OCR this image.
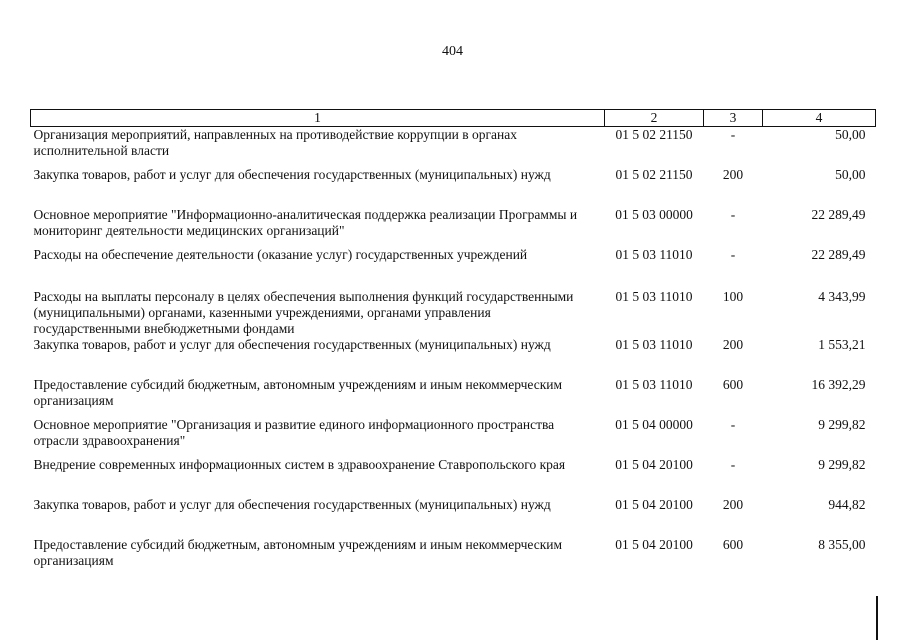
404
1	2	3	4
Организация мероприятий, направленных на противодействие коррупции в органах исполнительной власти	01 5 02 21150	-	50,00
Закупка товаров, работ и услуг для обеспечения государственных (муниципальных) нужд	01 5 02 21150	200	50,00
Основное мероприятие "Информационно-аналитическая поддержка реализации Программы и мониторинг деятельности медицинских организаций"	01 5 03 00000	-	22 289,49
Расходы на обеспечение деятельности (оказание услуг) государственных учреждений	01 5 03 11010	-	22 289,49
Расходы на выплаты персоналу в целях обеспечения выполнения функций государственными (муниципальными) органами, казенными учреждениями, органами управления государственными внебюджетными фондами	01 5 03 11010	100	4 343,99
Закупка товаров, работ и услуг для обеспечения государственных (муниципальных) нужд	01 5 03 11010	200	1 553,21
Предоставление субсидий бюджетным, автономным учреждениям и иным некоммерческим организациям	01 5 03 11010	600	16 392,29
Основное мероприятие "Организация и развитие единого информационного пространства отрасли здравоохранения"	01 5 04 00000	-	9 299,82
Внедрение современных информационных систем в здравоохранение Ставропольского края	01 5 04 20100	-	9 299,82
Закупка товаров, работ и услуг для обеспечения государственных (муниципальных) нужд	01 5 04 20100	200	944,82
Предоставление субсидий бюджетным, автономным учреждениям и иным некоммерческим организациям	01 5 04 20100	600	8 355,00
